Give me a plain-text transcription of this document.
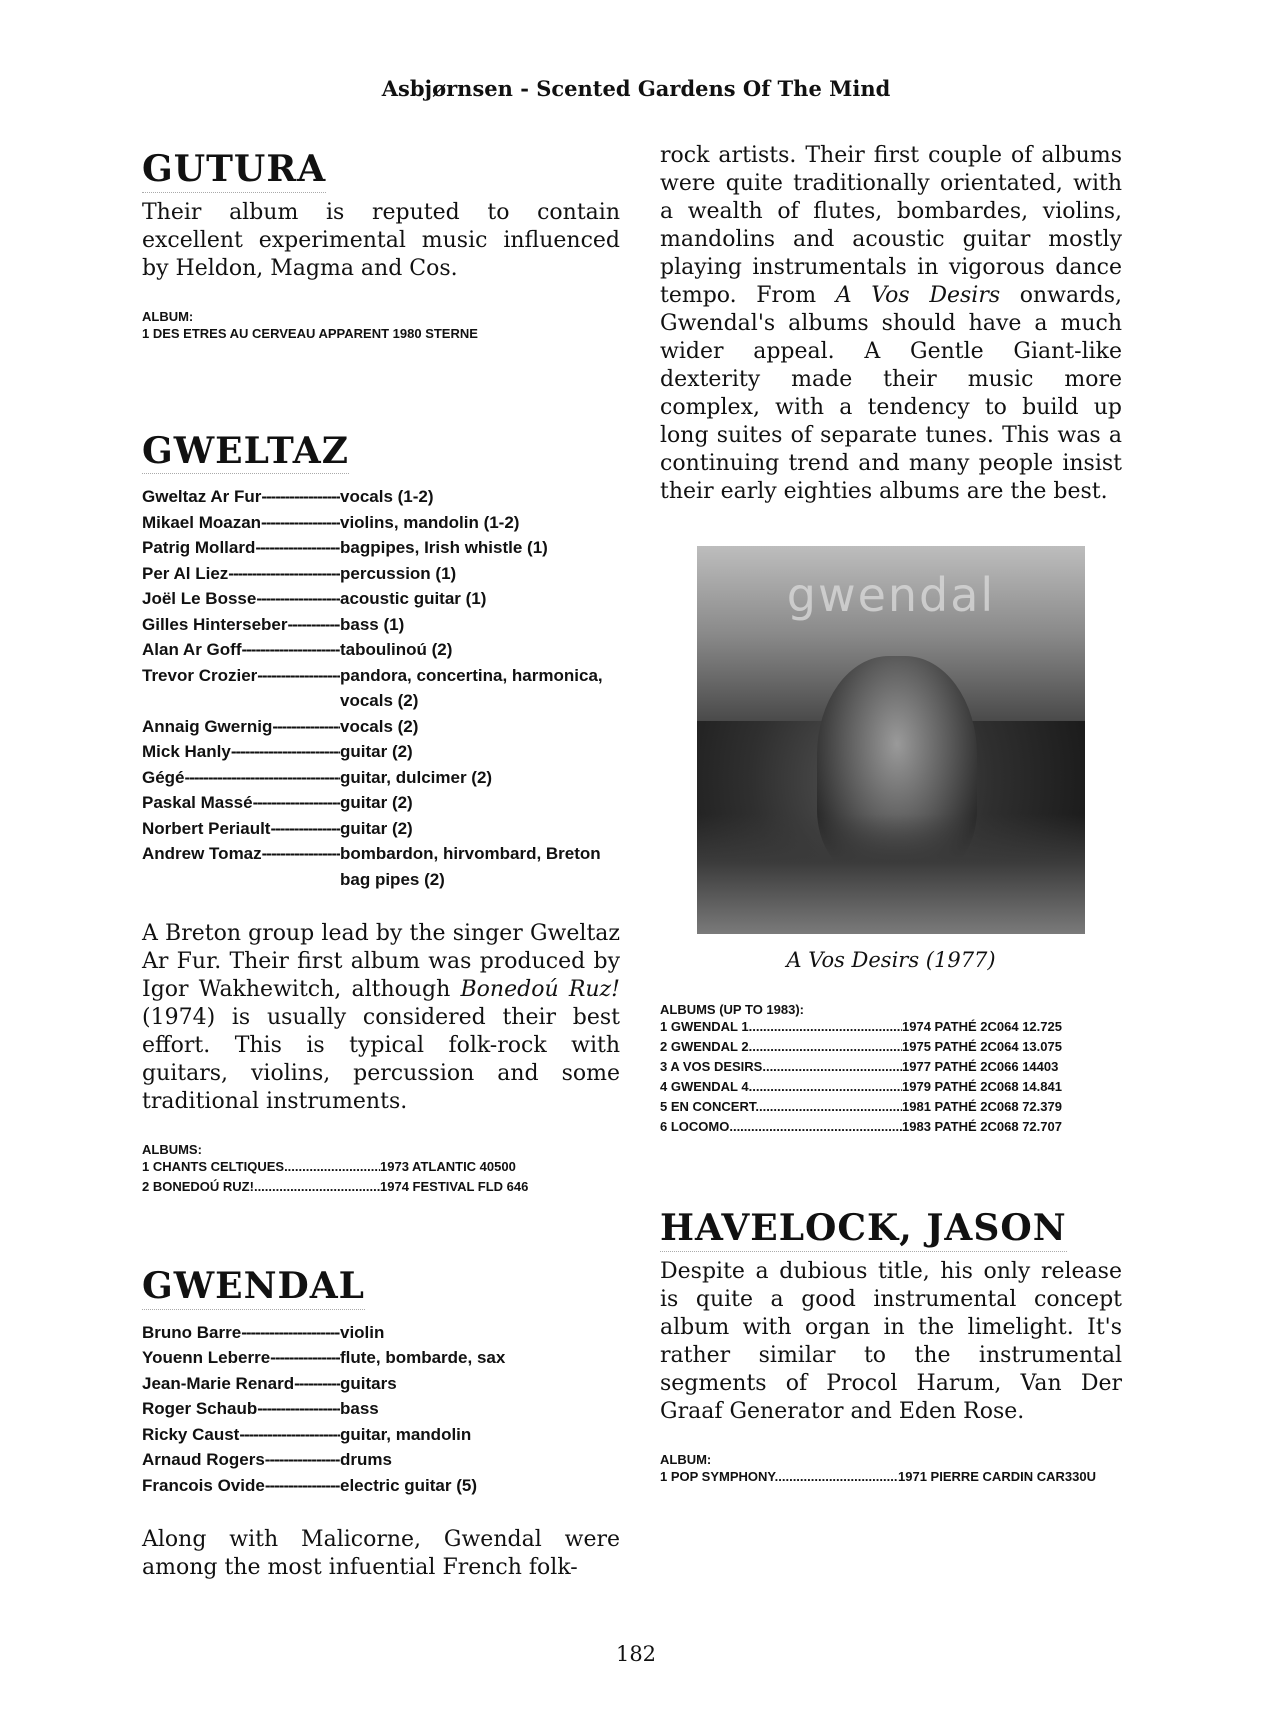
Asbjørnsen - Scented Gardens Of The Mind
GUTURA

Their album is reputed to contain excellent experimental music influenced by Heldon, Magma and Cos.

ALBUM:
1 DES ETRES AU CERVEAU APPARENT 1980 STERNE
GWELTAZ
Gweltaz Ar Fur -----	vocals (1-2)
Mikael Moazan -----	violins, mandolin (1-2)
Patrig Mollard -----	bagpipes, Irish whistle (1)
Per Al Liez -----	percussion (1)
Joël Le Bosse -----	acoustic guitar (1)
Gilles Hinterseber -----	bass (1)
Alan Ar Goff -----	taboulinoú (2)
Trevor Crozier -----	pandora, concertina, harmonica, vocals (2)
Annaig Gwernig -----	vocals (2)
Mick Hanly -----	guitar (2)
Gégé -----	guitar, dulcimer (2)
Paskal Massé -----	guitar (2)
Norbert Periault -----	guitar (2)
Andrew Tomaz -----	bombardon, hirvombard, Breton bag pipes (2)

A Breton group lead by the singer Gweltaz Ar Fur. Their first album was produced by Igor Wakhewitch, although Bonedoú Ruz! (1974) is usually considered their best effort. This is typical folk-rock with guitars, violins, percussion and some traditional instruments.

ALBUMS:
1 CHANTS CELTIQUES .....	1973 ATLANTIC 40500
2 BONEDOÚ RUZ! .....	1974 FESTIVAL FLD 646
GWENDAL
Bruno Barre -----	violin
Youenn Leberre -----	flute, bombarde, sax
Jean-Marie Renard -----	guitars
Roger Schaub -----	bass
Ricky Caust -----	guitar, mandolin
Arnaud Rogers -----	drums
Francois Ovide -----	electric guitar (5)

Along with Malicorne, Gwendal were among the most infuential French folk-

rock artists. Their first couple of albums were quite traditionally orientated, with a wealth of flutes, bombardes, violins, mandolins and acoustic guitar mostly playing instrumentals in vigorous dance tempo. From A Vos Desirs onwards, Gwendal's albums should have a much wider appeal. A Gentle Giant-like dexterity made their music more complex, with a tendency to build up long suites of separate tunes. This was a continuing trend and many people insist their early eighties albums are the best.

gwendal
A Vos Desirs (1977)
ALBUMS (UP TO 1983):
1 GWENDAL 1 .....	1974 PATHÉ 2C064 12.725
2 GWENDAL 2 .....	1975 PATHÉ 2C064 13.075
3 A VOS DESIRS .....	1977 PATHÉ 2C066 14403
4 GWENDAL 4 .....	1979 PATHÉ 2C068 14.841
5 EN CONCERT .....	1981 PATHÉ 2C068 72.379
6 LOCOMO .....	1983 PATHÉ 2C068 72.707
HAVELOCK, JASON

Despite a dubious title, his only release is quite a good instrumental concept album with organ in the limelight. It's rather similar to the instrumental segments of Procol Harum, Van Der Graaf Generator and Eden Rose.

ALBUM:
1 POP SYMPHONY .....	1971 PIERRE CARDIN CAR330U
182
